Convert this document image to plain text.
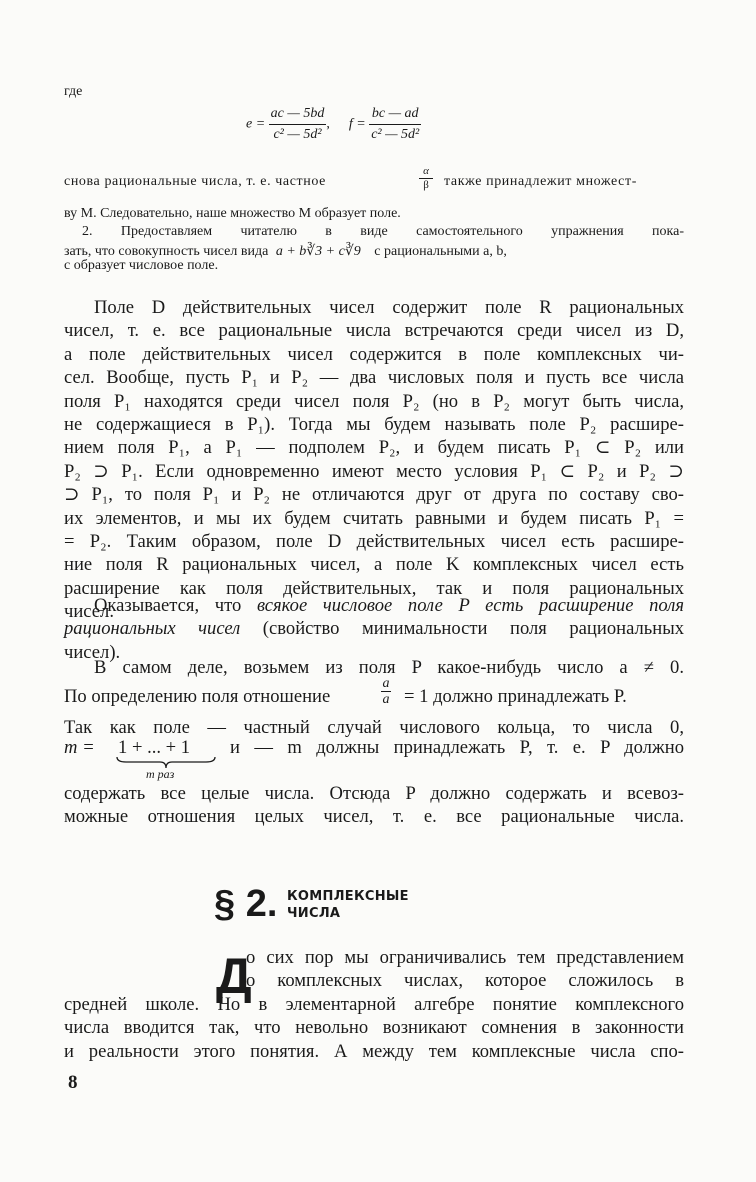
где
$e = \frac{ac — 5bd}{\text{c² — 5d²}}$ , $f = \frac{bc — ad}{\text{c² — 5d²}}$
снова рациональные числа, т. е. частное
α
β	также принадлежит множест-
ву M. Следовательно, наше множество M образует поле.
2. Предоставляем читателю в виде самостоятельного упражнения пока-
зать, что совокупность чисел вида a + b∛3 + c∛9 с рациональными a, b,
c образует числовое поле.
Поле D действительных чисел содержит поле R рациональных
чисел, т. е. все рациональные числа встречаются среди чисел из D,
а поле действительных чисел содержится в поле комплексных чи-
сел. Вообще, пусть P₁ и P₂ — два числовых поля и пусть все числа
поля P₁ находятся среди чисел поля P₂ (но в P₂ могут быть числа,
не содержащиеся в P₁). Тогда мы будем называть поле P₂ расшире-
нием поля P₁, а P₁ — подполем P₂, и будем писать P₁ ⊂ P₂ или
P₂ ⊃ P₁. Если одновременно имеют место условия P₁ ⊂ P₂ и P₂ ⊃
⊃ P₁, то поля P₁ и P₂ не отличаются друг от друга по составу сво-
их элементов, и мы их будем считать равными и будем писать P₁ =
= P₂. Таким образом, поле D действительных чисел есть расшире-
ние поля R рациональных чисел, а поле K комплексных чисел есть
расширение как поля действительных, так и поля рациональных
чисел.
Оказывается, что всякое числовое поле P есть расширение поля
рациональных чисел (свойство минимальности поля рациональных
чисел).
В самом деле, возьмем из поля P какое-нибудь число a ≠ 0.
По определению поля отношение
a
a = 1 должно принадлежать P.
Так как поле — частный случай числового кольца, то числа 0,
m = 1 + ... + 1 и — m должны принадлежать P, т. е. P должно
m раз
содержать все целые числа. Отсюда P должно содержать и всевоз-
можные отношения целых чисел, т. е. все рациональные числа.
§ 2. КОМПЛЕКСНЫЕ
ЧИСЛА
Д
о сих пор мы ограничивались тем представлением
о комплексных числах, которое сложилось в
средней школе. Но в элементарной алгебре понятие комплексного
числа вводится так, что невольно возникают сомнения в законности
и реальности этого понятия. А между тем комплексные числа спо-
8
